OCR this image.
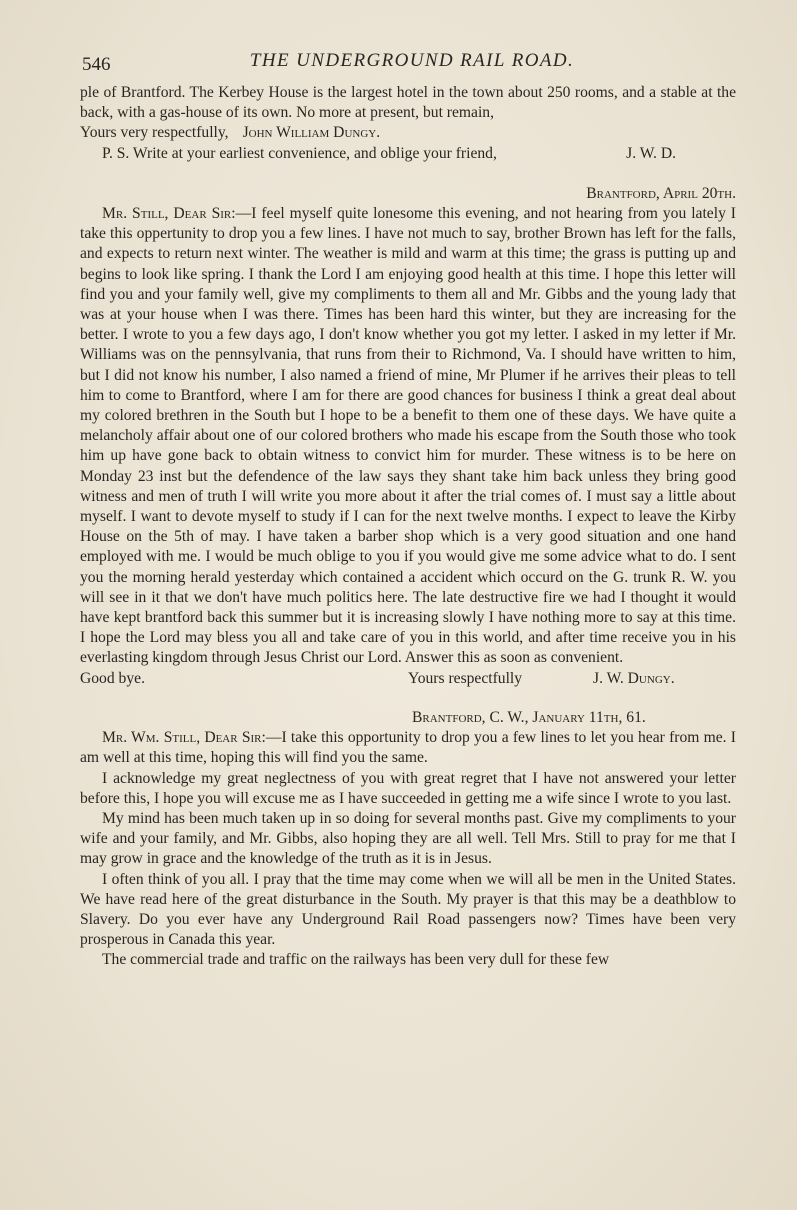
546	THE UNDERGROUND RAIL ROAD.

ple of Brantford. The Kerbey House is the largest hotel in the town about 250 rooms, and a stable at the back, with a gas-house of its own. No more at present, but remain,

Yours very respectfully, John William Dungy.

P. S. Write at your earliest convenience, and oblige your friend,	J. W. D.

Brantford, April 20th.

Mr. Still, Dear Sir:—I feel myself quite lonesome this evening, and not hearing from you lately I take this oppertunity to drop you a few lines. I have not much to say, brother Brown has left for the falls, and expects to return next winter. The weather is mild and warm at this time; the grass is putting up and begins to look like spring. I thank the Lord I am enjoying good health at this time. I hope this letter will find you and your family well, give my compliments to them all and Mr. Gibbs and the young lady that was at your house when I was there. Times has been hard this winter, but they are increasing for the better. I wrote to you a few days ago, I don't know whether you got my letter. I asked in my letter if Mr. Williams was on the pennsylvania, that runs from their to Richmond, Va. I should have written to him, but I did not know his number, I also named a friend of mine, Mr Plumer if he arrives their pleas to tell him to come to Brantford, where I am for there are good chances for business I think a great deal about my colored brethren in the South but I hope to be a benefit to them one of these days. We have quite a melancholy affair about one of our colored brothers who made his escape from the South those who took him up have gone back to obtain witness to convict him for murder. These witness is to be here on Monday 23 inst but the defendence of the law says they shant take him back unless they bring good witness and men of truth I will write you more about it after the trial comes of. I must say a little about myself. I want to devote myself to study if I can for the next twelve months. I expect to leave the Kirby House on the 5th of may. I have taken a barber shop which is a very good situation and one hand employed with me. I would be much oblige to you if you would give me some advice what to do. I sent you the morning herald yesterday which contained a accident which occurd on the G. trunk R. W. you will see in it that we don't have much politics here. The late destructive fire we had I thought it would have kept brantford back this summer but it is increasing slowly I have nothing more to say at this time. I hope the Lord may bless you all and take care of you in this world, and after time receive you in his everlasting kingdom through Jesus Christ our Lord. Answer this as soon as convenient.

Good bye.	Yours respectfully	J. W. Dungy.

Brantford, C. W., January 11th, 61.

Mr. Wm. Still, Dear Sir:—I take this opportunity to drop you a few lines to let you hear from me. I am well at this time, hoping this will find you the same.

I acknowledge my great neglectness of you with great regret that I have not answered your letter before this, I hope you will excuse me as I have succeeded in getting me a wife since I wrote to you last.

My mind has been much taken up in so doing for several months past. Give my compliments to your wife and your family, and Mr. Gibbs, also hoping they are all well. Tell Mrs. Still to pray for me that I may grow in grace and the knowledge of the truth as it is in Jesus.

I often think of you all. I pray that the time may come when we will all be men in the United States. We have read here of the great disturbance in the South. My prayer is that this may be a deathblow to Slavery. Do you ever have any Underground Rail Road passengers now? Times have been very prosperous in Canada this year.

The commercial trade and traffic on the railways has been very dull for these few
